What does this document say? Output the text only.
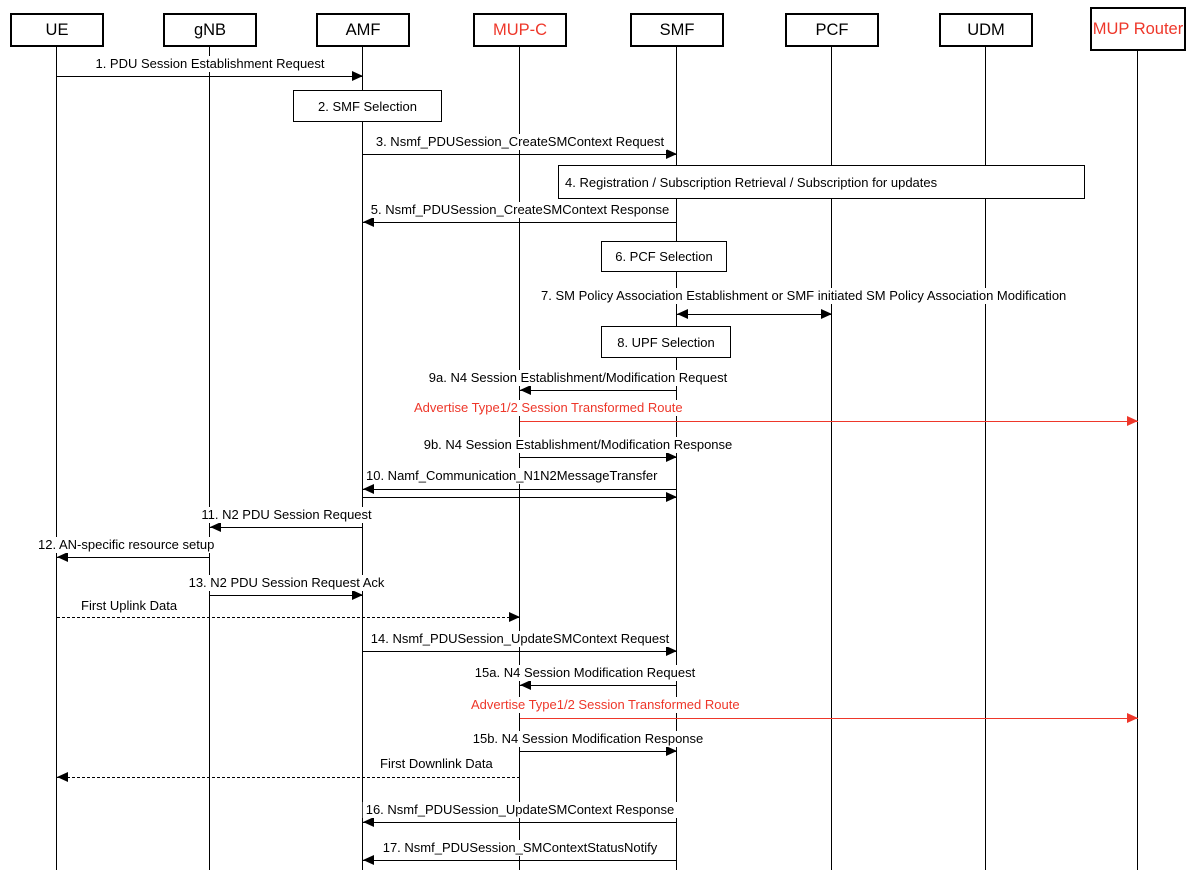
1. PDU Session Establishment Request
2. SMF Selection
3. Nsmf_PDUSession_CreateSMContext Request
4. Registration / Subscription Retrieval / Subscription for updates
5. Nsmf_PDUSession_CreateSMContext Response
6. PCF Selection
7. SM Policy Association Establishment or SMF initiated SM Policy Association Modification
8. UPF Selection
9a. N4 Session Establishment/Modification Request
Advertise Type1/2 Session Transformed Route
9b. N4 Session Establishment/Modification Response
10. Namf_Communication_N1N2MessageTransfer
11. N2 PDU Session Request
12. AN-specific resource setup
13. N2 PDU Session Request Ack
First Uplink Data
14. Nsmf_PDUSession_UpdateSMContext Request
15a. N4 Session Modification Request
Advertise Type1/2 Session Transformed Route
15b. N4 Session Modification Response
First Downlink Data
16. Nsmf_PDUSession_UpdateSMContext Response
17. Nsmf_PDUSession_SMContextStatusNotify
UE	gNB	AMF	MUP-C	SMF	PCF	UDM	MUP Router
